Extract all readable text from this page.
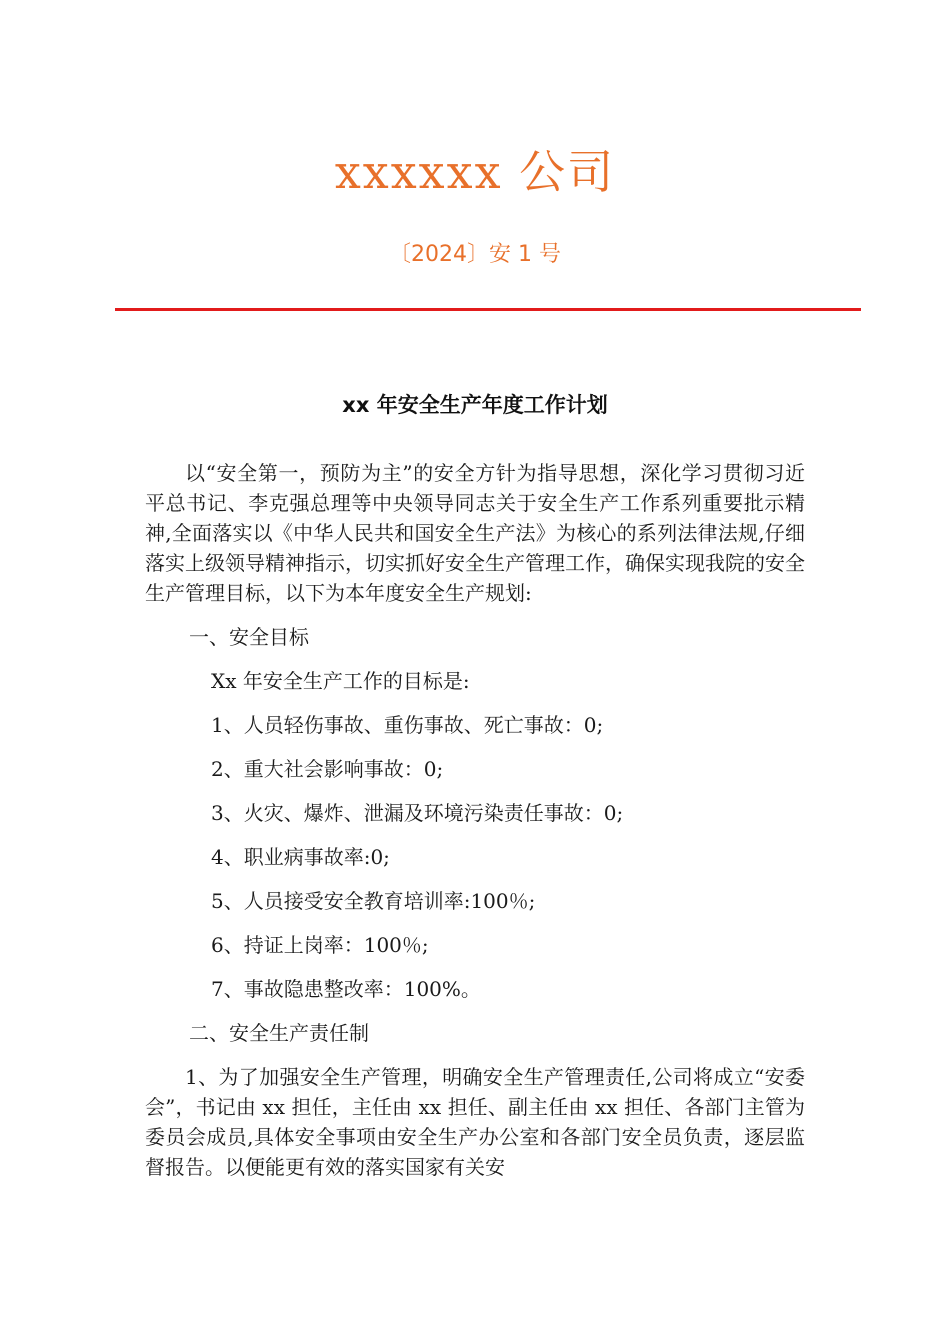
xxxxxx 公司
〔2024〕安 1 号
xx 年安全生产年度工作计划

以“安全第一，预防为主”的安全方针为指导思想，深化学习贯彻习近平总书记、李克强总理等中央领导同志关于安全生产工作系列重要批示精神,全面落实以《中华人民共和国安全生产法》为核心的系列法律法规,仔细落实上级领导精神指示，切实抓好安全生产管理工作，确保实现我院的安全生产管理目标，以下为本年度安全生产规划:

一、安全目标

Xx 年安全生产工作的目标是:

1、人员轻伤事故、重伤事故、死亡事故：0;

2、重大社会影响事故：0;

3、火灾、爆炸、泄漏及环境污染责任事故：0;

4、职业病事故率:0;

5、人员接受安全教育培训率:100％;

6、持证上岗率：100％;

7、事故隐患整改率：100%。

二、安全生产责任制

1、为了加强安全生产管理，明确安全生产管理责任,公司将成立“安委会”，书记由 xx 担任，主任由 xx 担任、副主任由 xx 担任、各部门主管为委员会成员,具体安全事项由安全生产办公室和各部门安全员负责，逐层监督报告。以便能更有效的落实国家有关安
